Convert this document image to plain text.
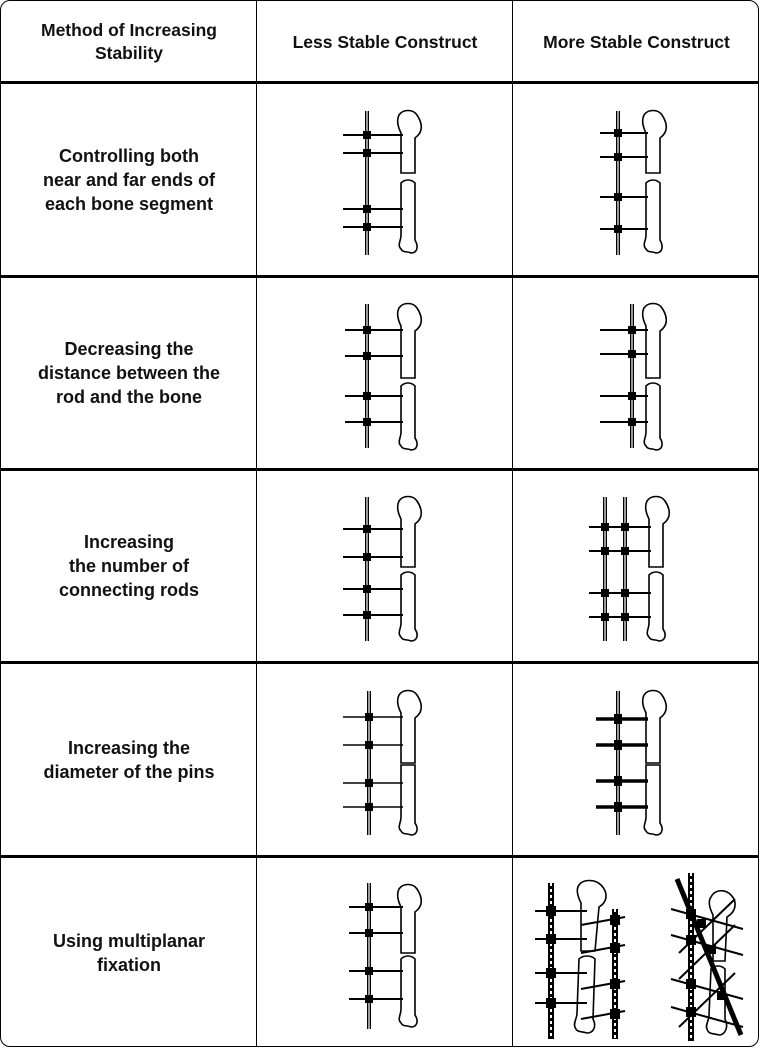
Method of Increasing
Stability
Less Stable Construct	More Stable Construct
Controlling both
near and far ends of
each bone segment
Decreasing the
distance between the
rod and the bone
Increasing
the number of
connecting rods
Increasing the
diameter of the pins
Using multiplanar
fixation
